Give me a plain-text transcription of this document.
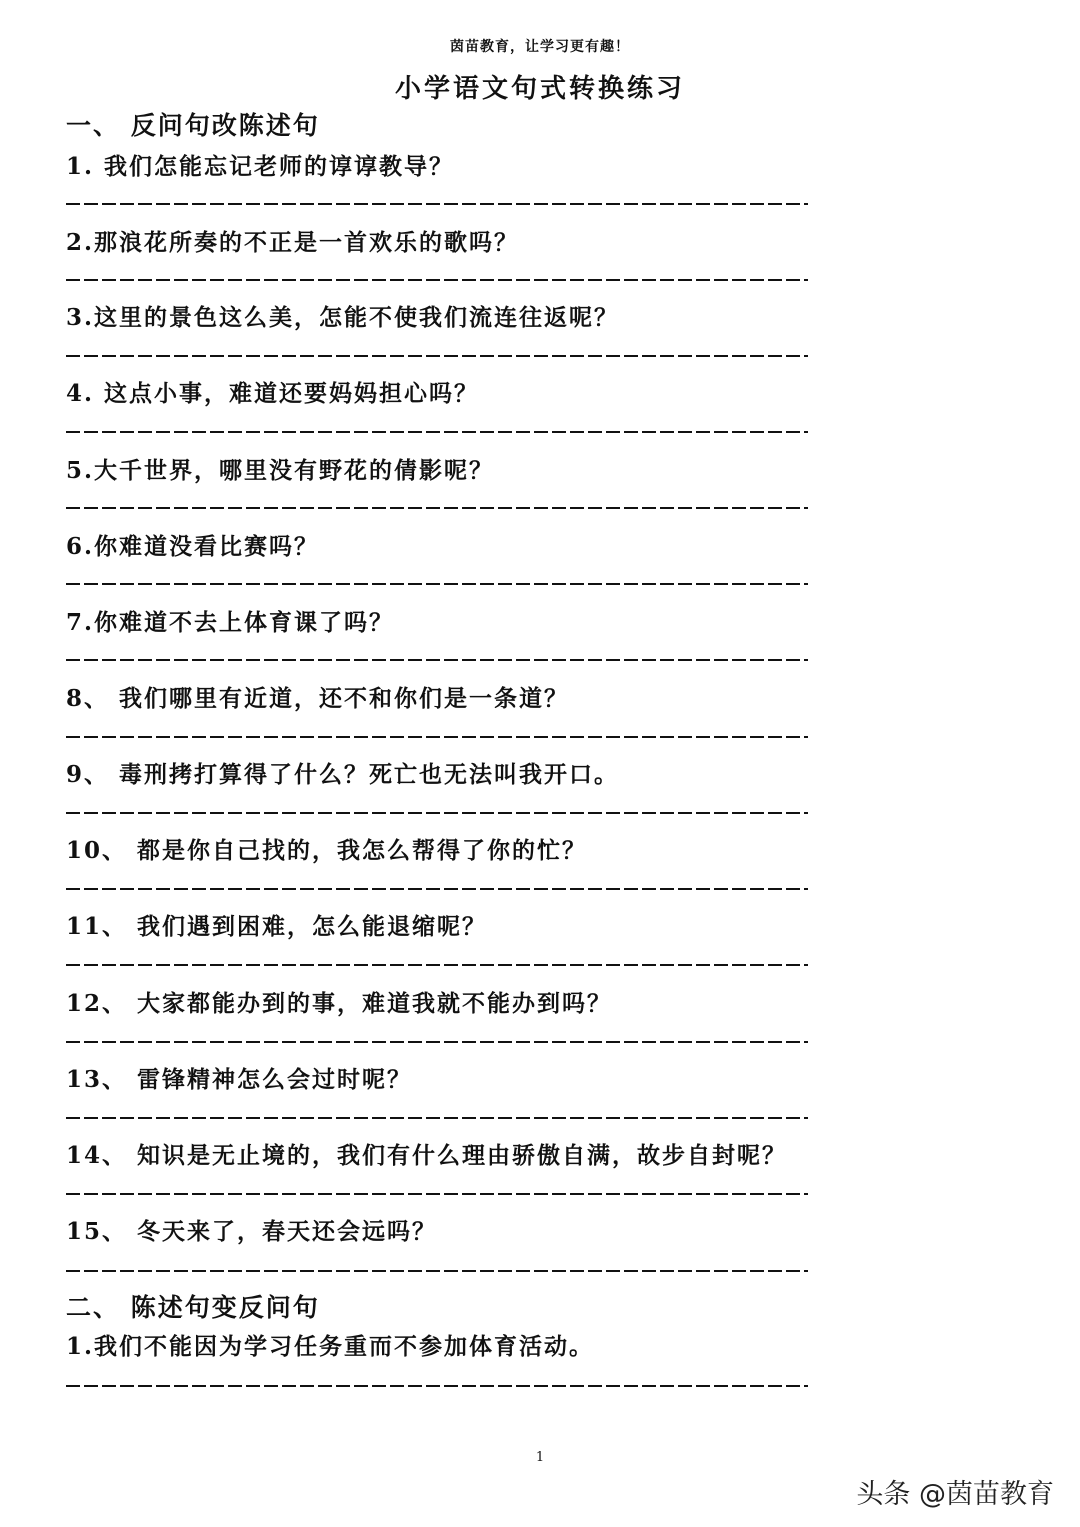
茵苗教育，让学习更有趣！
小学语文句式转换练习
一、 反问句改陈述句
1. 我们怎能忘记老师的谆谆教导？
2.那浪花所奏的不正是一首欢乐的歌吗？
3.这里的景色这么美，怎能不使我们流连往返呢？
4. 这点小事，难道还要妈妈担心吗？
5.大千世界，哪里没有野花的倩影呢？
6.你难道没看比赛吗？
7.你难道不去上体育课了吗？
8、 我们哪里有近道，还不和你们是一条道？
9、 毒刑拷打算得了什么？死亡也无法叫我开口。
10、 都是你自己找的，我怎么帮得了你的忙？
11、 我们遇到困难，怎么能退缩呢？
12、 大家都能办到的事，难道我就不能办到吗？
13、 雷锋精神怎么会过时呢？
14、 知识是无止境的，我们有什么理由骄傲自满，故步自封呢？
15、 冬天来了，春天还会远吗？
二、 陈述句变反问句
1.我们不能因为学习任务重而不参加体育活动。
1
头条 @茵苗教育
